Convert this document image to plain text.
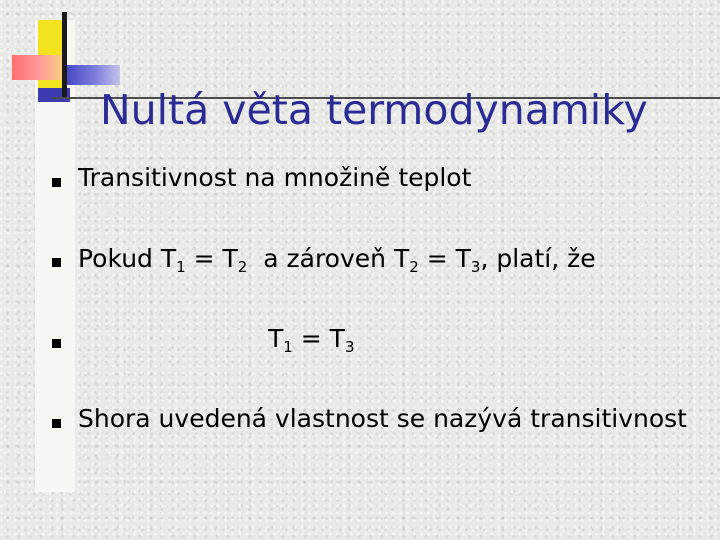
Nultá věta termodynamiky
Transitivnost na množině teplot
Pokud $T_1 = T_2$  a zároveň $T_2 = T_3$, platí, že
$T_1 = T_3$
Shora uvedená vlastnost se nazývá transitivnost
